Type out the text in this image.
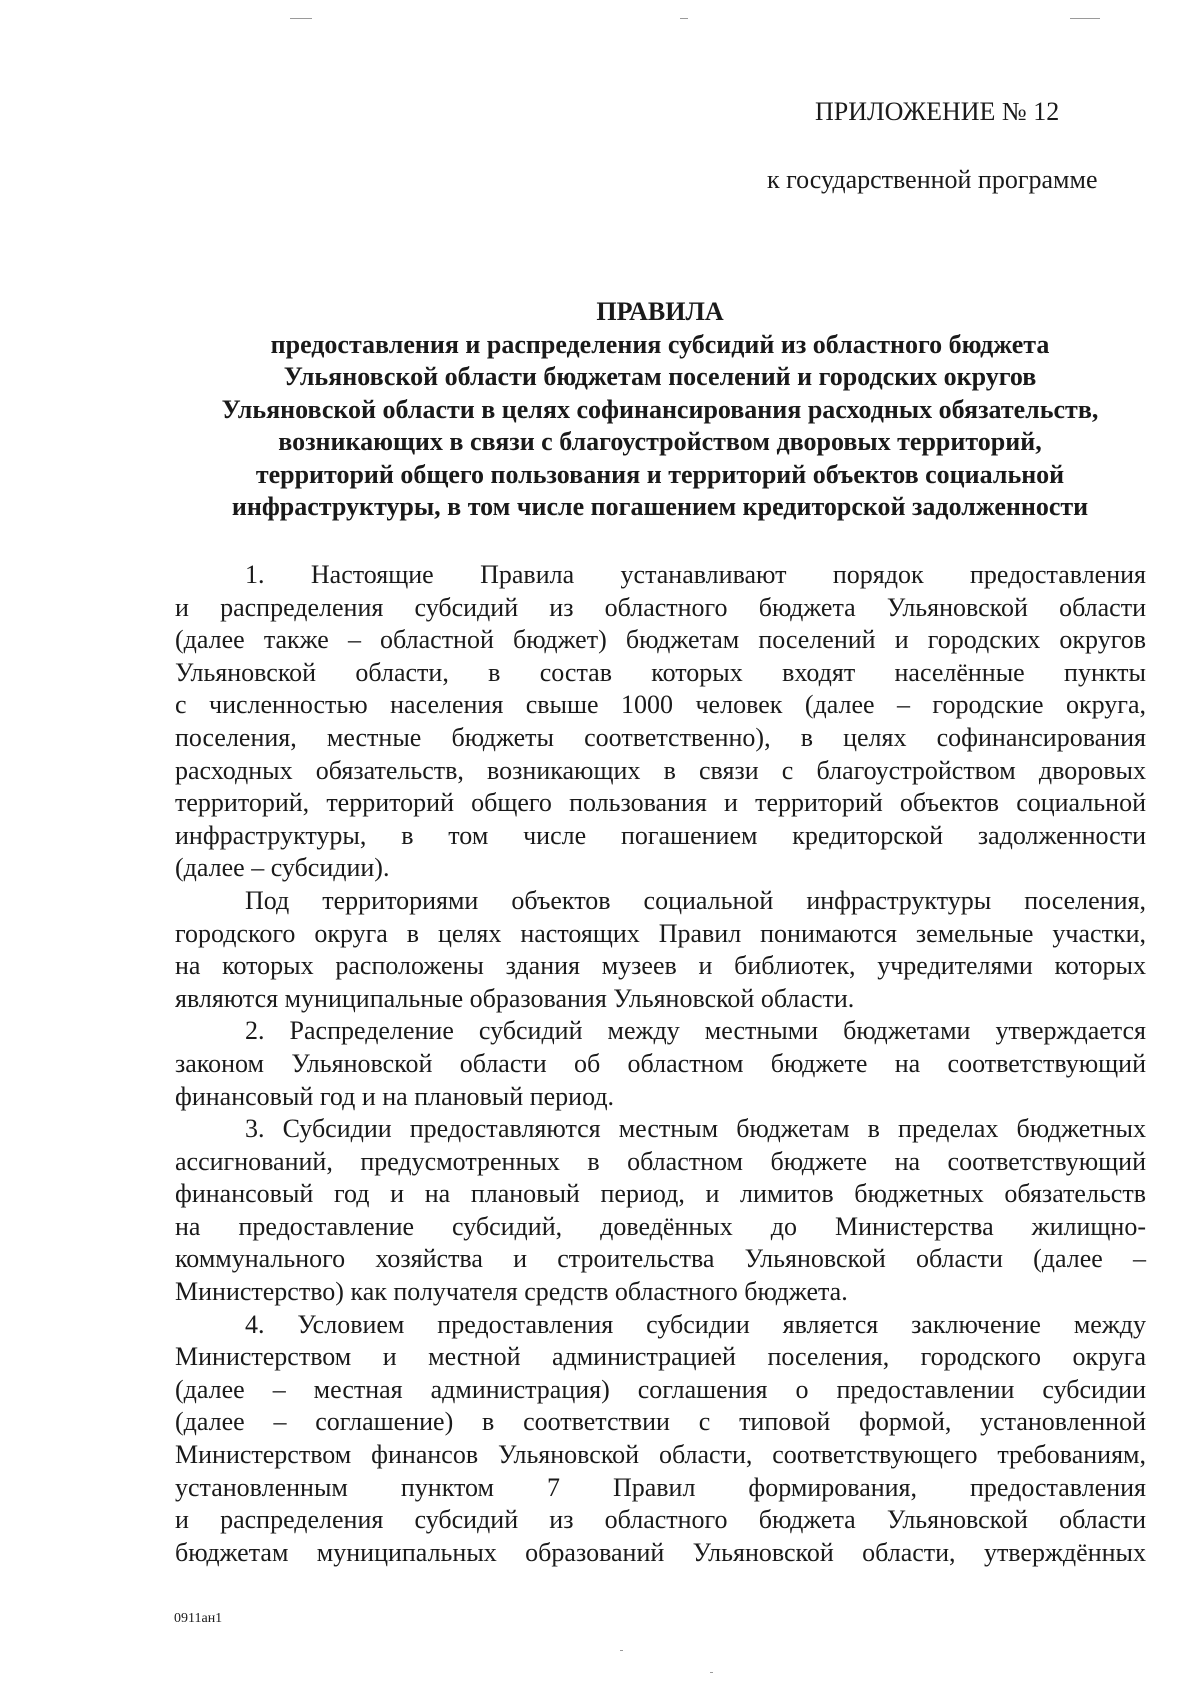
ПРИЛОЖЕНИЕ № 12
к государственной программе
ПРАВИЛА
предоставления и распределения субсидий из областного бюджета
Ульяновской области бюджетам поселений и городских округов
Ульяновской области в целях софинансирования расходных обязательств,
возникающих в связи с благоустройством дворовых территорий,
территорий общего пользования и территорий объектов социальной
инфраструктуры, в том числе погашением кредиторской задолженности
1. Настоящие Правила устанавливают порядок предоставления
и распределения субсидий из областного бюджета Ульяновской области
(далее также – областной бюджет) бюджетам поселений и городских округов
Ульяновской области, в состав которых входят населённые пункты
с численностью населения свыше 1000 человек (далее – городские округа,
поселения, местные бюджеты соответственно), в целях софинансирования
расходных обязательств, возникающих в связи с благоустройством дворовых
территорий, территорий общего пользования и территорий объектов социальной
инфраструктуры, в том числе погашением кредиторской задолженности
(далее – субсидии).
Под территориями объектов социальной инфраструктуры поселения,
городского округа в целях настоящих Правил понимаются земельные участки,
на которых расположены здания музеев и библиотек, учредителями которых
являются муниципальные образования Ульяновской области.
2. Распределение субсидий между местными бюджетами утверждается
законом Ульяновской области об областном бюджете на соответствующий
финансовый год и на плановый период.
3. Субсидии предоставляются местным бюджетам в пределах бюджетных
ассигнований, предусмотренных в областном бюджете на соответствующий
финансовый год и на плановый период, и лимитов бюджетных обязательств
на предоставление субсидий, доведённых до Министерства жилищно-
коммунального хозяйства и строительства Ульяновской области (далее –
Министерство) как получателя средств областного бюджета.
4. Условием предоставления субсидии является заключение между
Министерством и местной администрацией поселения, городского округа
(далее – местная администрация) соглашения о предоставлении субсидии
(далее – соглашение) в соответствии с типовой формой, установленной
Министерством финансов Ульяновской области, соответствующего требованиям,
установленным пунктом 7 Правил формирования, предоставления
и распределения субсидий из областного бюджета Ульяновской области
бюджетам муниципальных образований Ульяновской области, утверждённых
0911ан1
